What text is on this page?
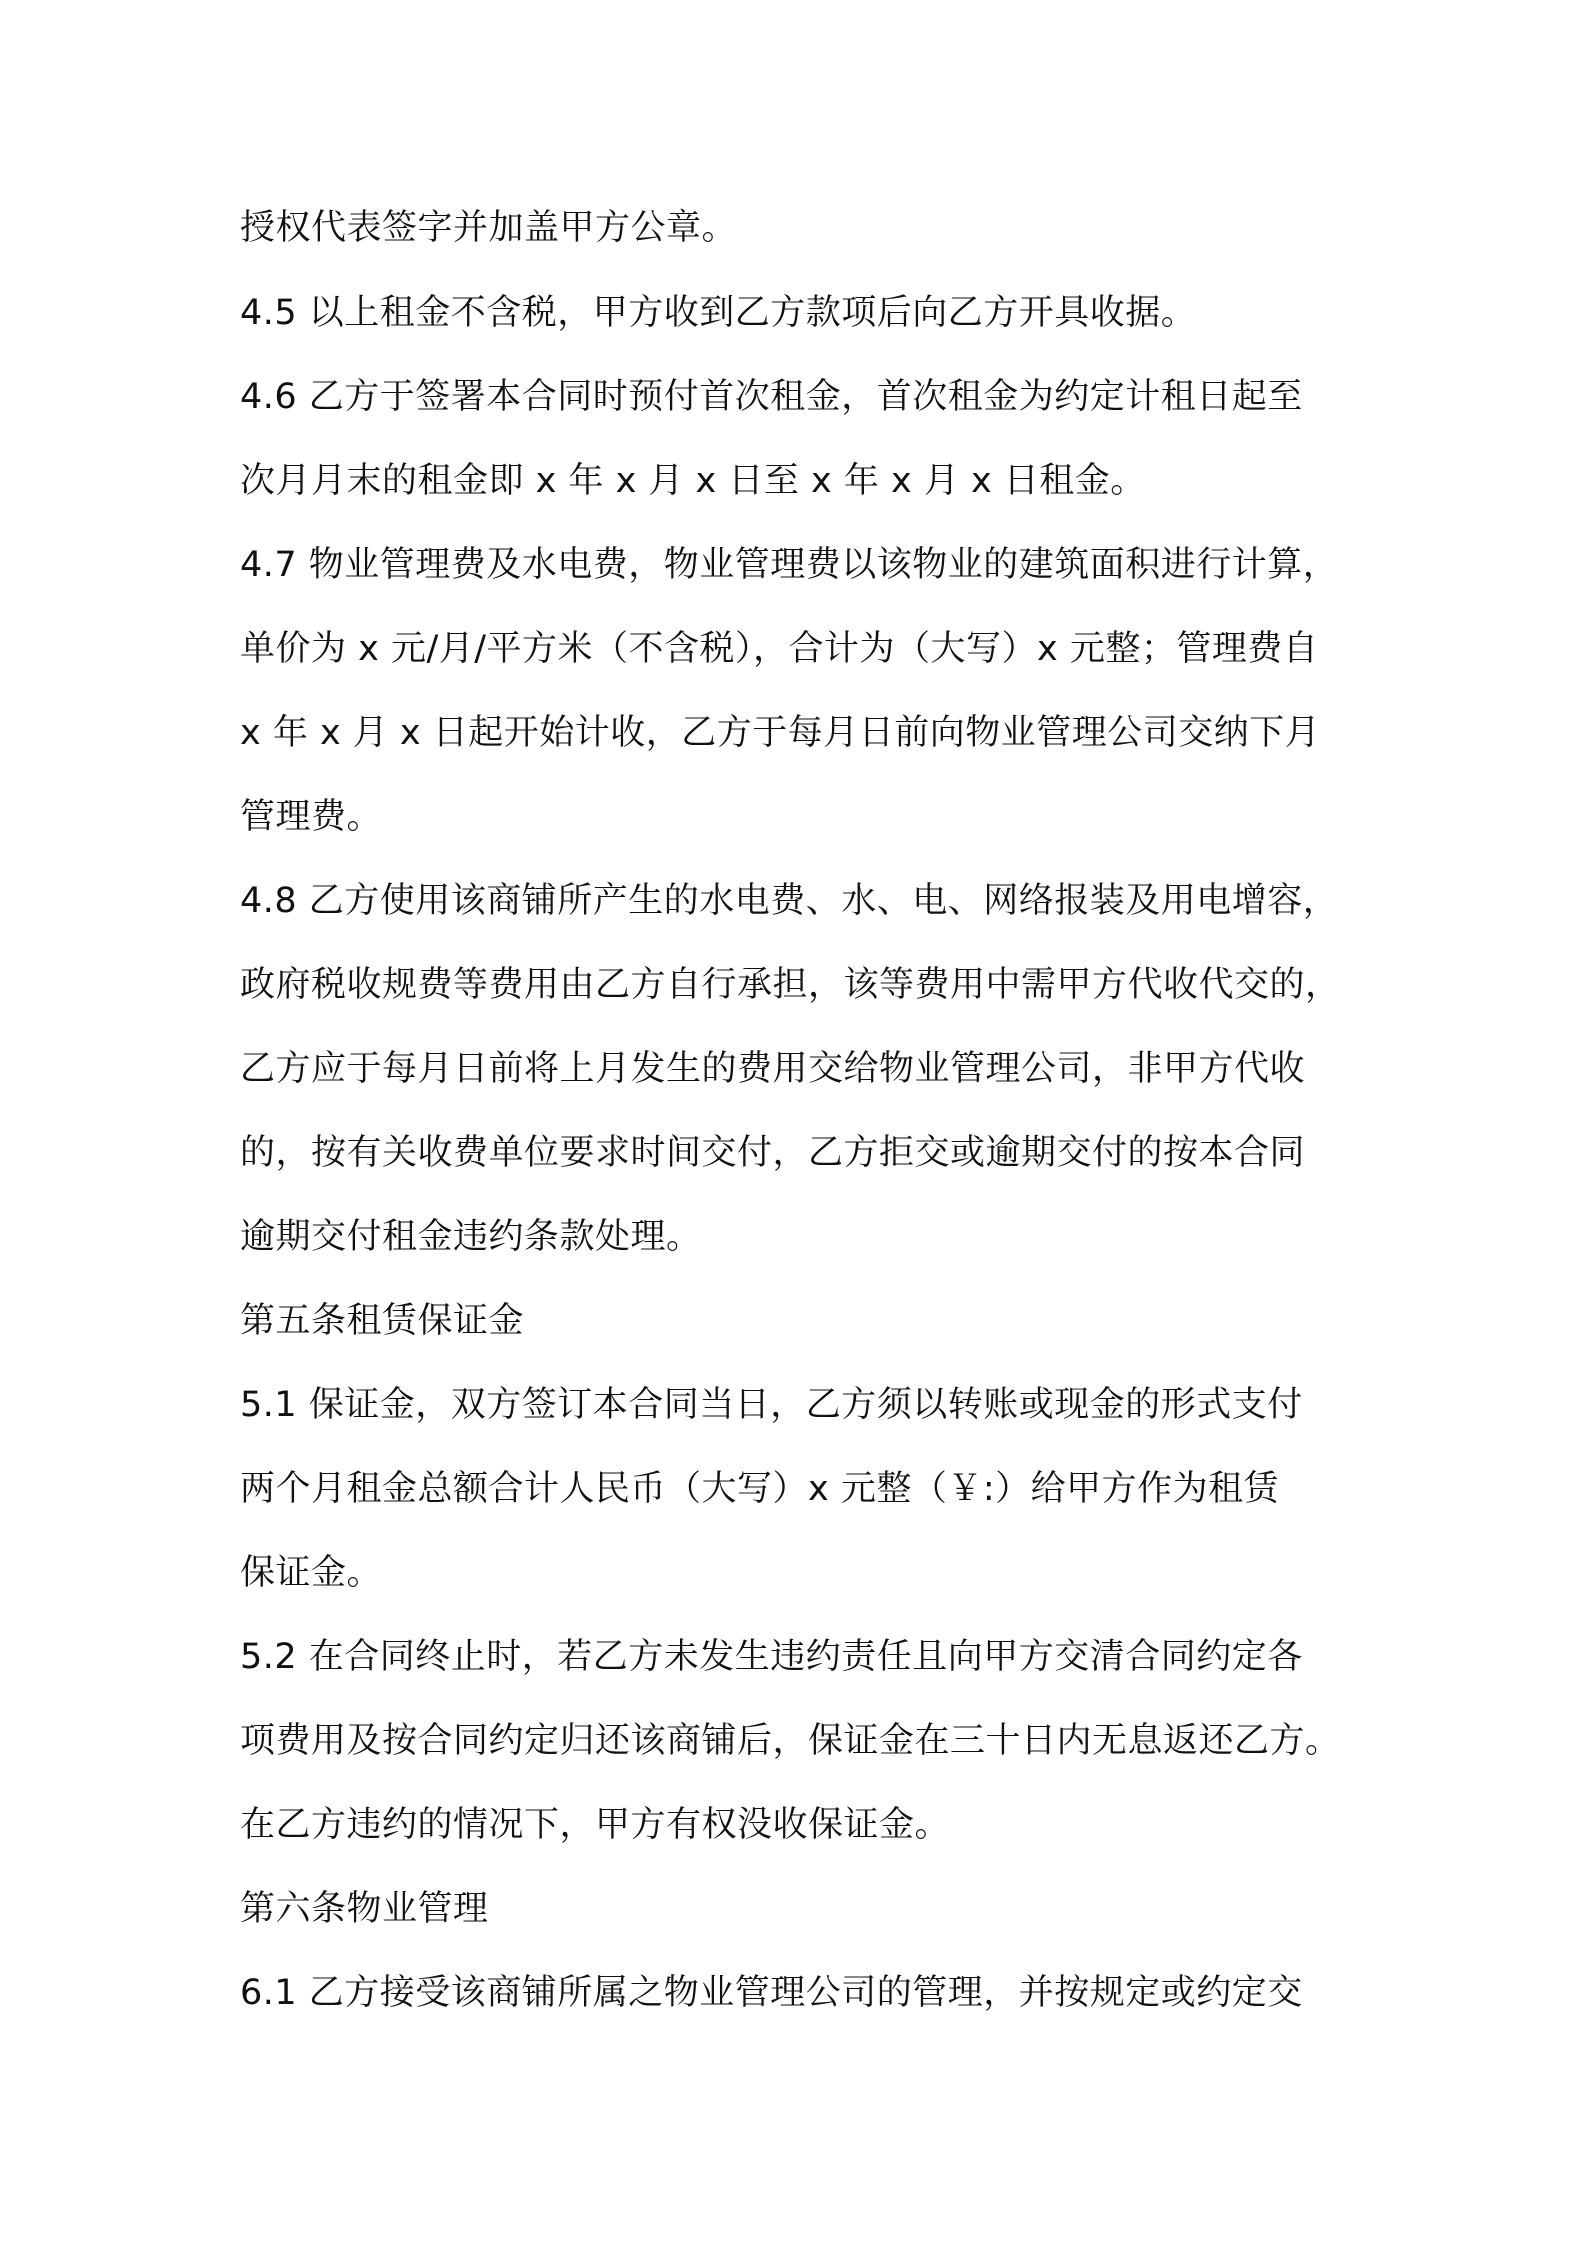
授权代表签字并加盖甲方公章。
4.5 以上租金不含税，甲方收到乙方款项后向乙方开具收据。
4.6 乙方于签署本合同时预付首次租金，首次租金为约定计租日起至
次月月末的租金即 x 年 x 月 x 日至 x 年 x 月 x 日租金。
4.7 物业管理费及水电费，物业管理费以该物业的建筑面积进行计算，
单价为 x 元/月/平方米（不含税），合计为（大写）x 元整；管理费自
x 年 x 月 x 日起开始计收，乙方于每月日前向物业管理公司交纳下月
管理费。
4.8 乙方使用该商铺所产生的水电费、水、电、网络报装及用电增容，
政府税收规费等费用由乙方自行承担，该等费用中需甲方代收代交的，
乙方应于每月日前将上月发生的费用交给物业管理公司，非甲方代收
的，按有关收费单位要求时间交付，乙方拒交或逾期交付的按本合同
逾期交付租金违约条款处理。
第五条租赁保证金
5.1 保证金，双方签订本合同当日，乙方须以转账或现金的形式支付
两个月租金总额合计人民币（大写）x 元整（￥:）给甲方作为租赁
保证金。
5.2 在合同终止时，若乙方未发生违约责任且向甲方交清合同约定各
项费用及按合同约定归还该商铺后，保证金在三十日内无息返还乙方。
在乙方违约的情况下，甲方有权没收保证金。
第六条物业管理
6.1 乙方接受该商铺所属之物业管理公司的管理，并按规定或约定交
